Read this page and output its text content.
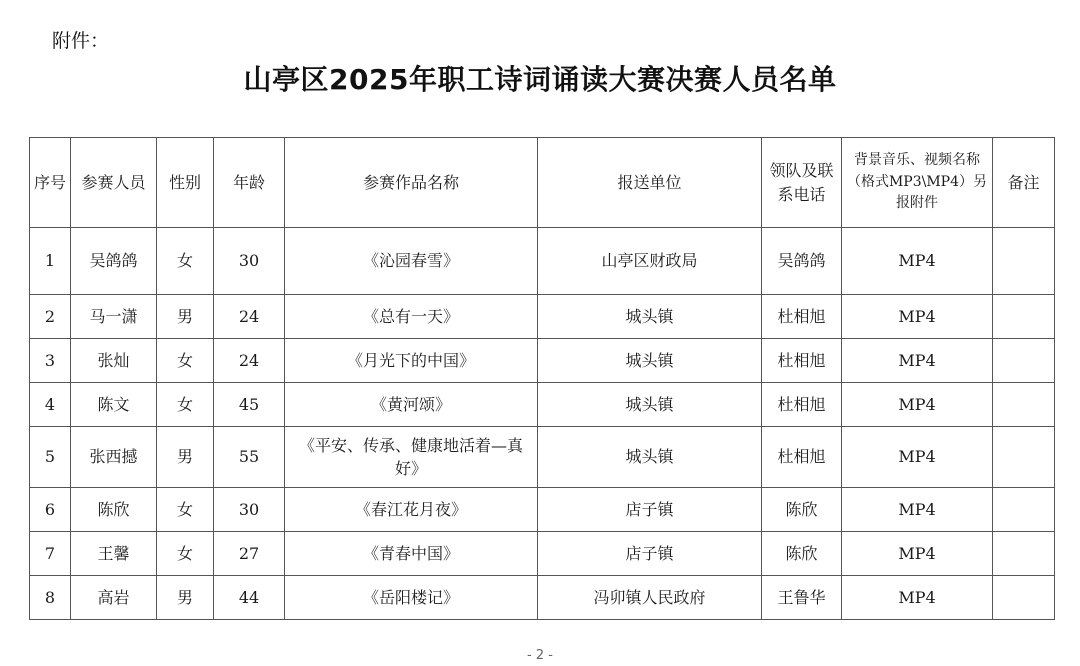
附件：
山亭区2025年职工诗词诵读大赛决赛人员名单
序号	参赛人员	性别	年龄	参赛作品名称	报送单位	领队及联系电话	背景音乐、视频名称（格式MP3\MP4）另报附件	备注
1	吴鸽鸽	女	30	《沁园春雪》	山亭区财政局	吴鸽鸽	MP4	
2	马一潇	男	24	《总有一天》	城头镇	杜相旭	MP4	
3	张灿	女	24	《月光下的中国》	城头镇	杜相旭	MP4	
4	陈文	女	45	《黄河颂》	城头镇	杜相旭	MP4	
5	张西撼	男	55	《平安、传承、健康地活着—真好》	城头镇	杜相旭	MP4	
6	陈欣	女	30	《春江花月夜》	店子镇	陈欣	MP4	
7	王馨	女	27	《青春中国》	店子镇	陈欣	MP4	
8	高岩	男	44	《岳阳楼记》	冯卯镇人民政府	王鲁华	MP4	
- 2 -
